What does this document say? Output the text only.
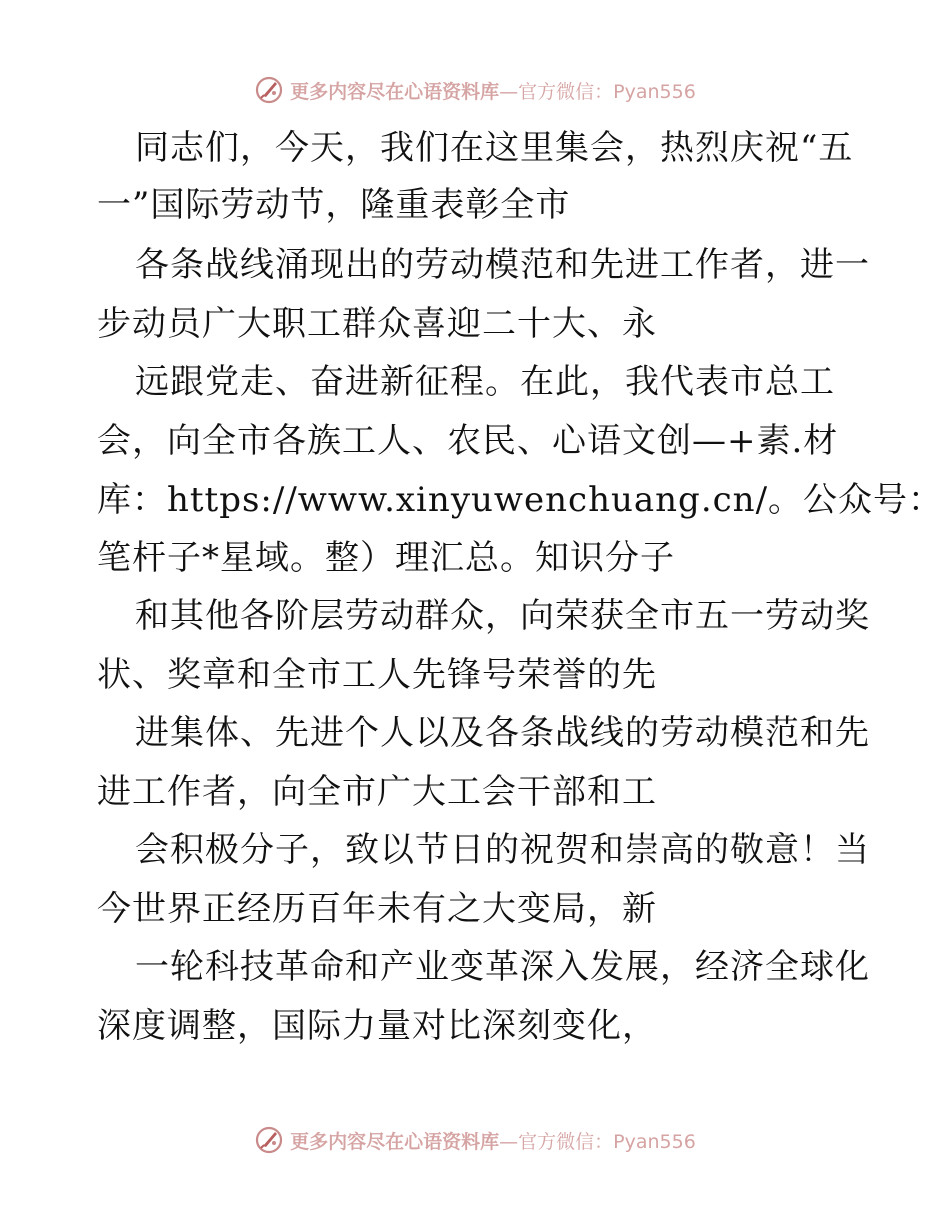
更多内容尽在心语资料库 —官方微信：Pyan556
同志们，今天，我们在这里集会，热烈庆祝“五
一”国际劳动节，隆重表彰全市
各条战线涌现出的劳动模范和先进工作者，进一
步动员广大职工群众喜迎二十大、永
远跟党走、奋进新征程。在此，我代表市总工
会，向全市各族工人、农民、心语文创—+素.材
库：https://www.xinyuwenchuang.cn/。公众号：
笔杆子*星域。整）理汇总。知识分子
和其他各阶层劳动群众，向荣获全市五一劳动奖
状、奖章和全市工人先锋号荣誉的先
进集体、先进个人以及各条战线的劳动模范和先
进工作者，向全市广大工会干部和工
会积极分子，致以节日的祝贺和崇高的敬意！当
今世界正经历百年未有之大变局，新
一轮科技革命和产业变革深入发展，经济全球化
深度调整，国际力量对比深刻变化，
更多内容尽在心语资料库 —官方微信：Pyan556
